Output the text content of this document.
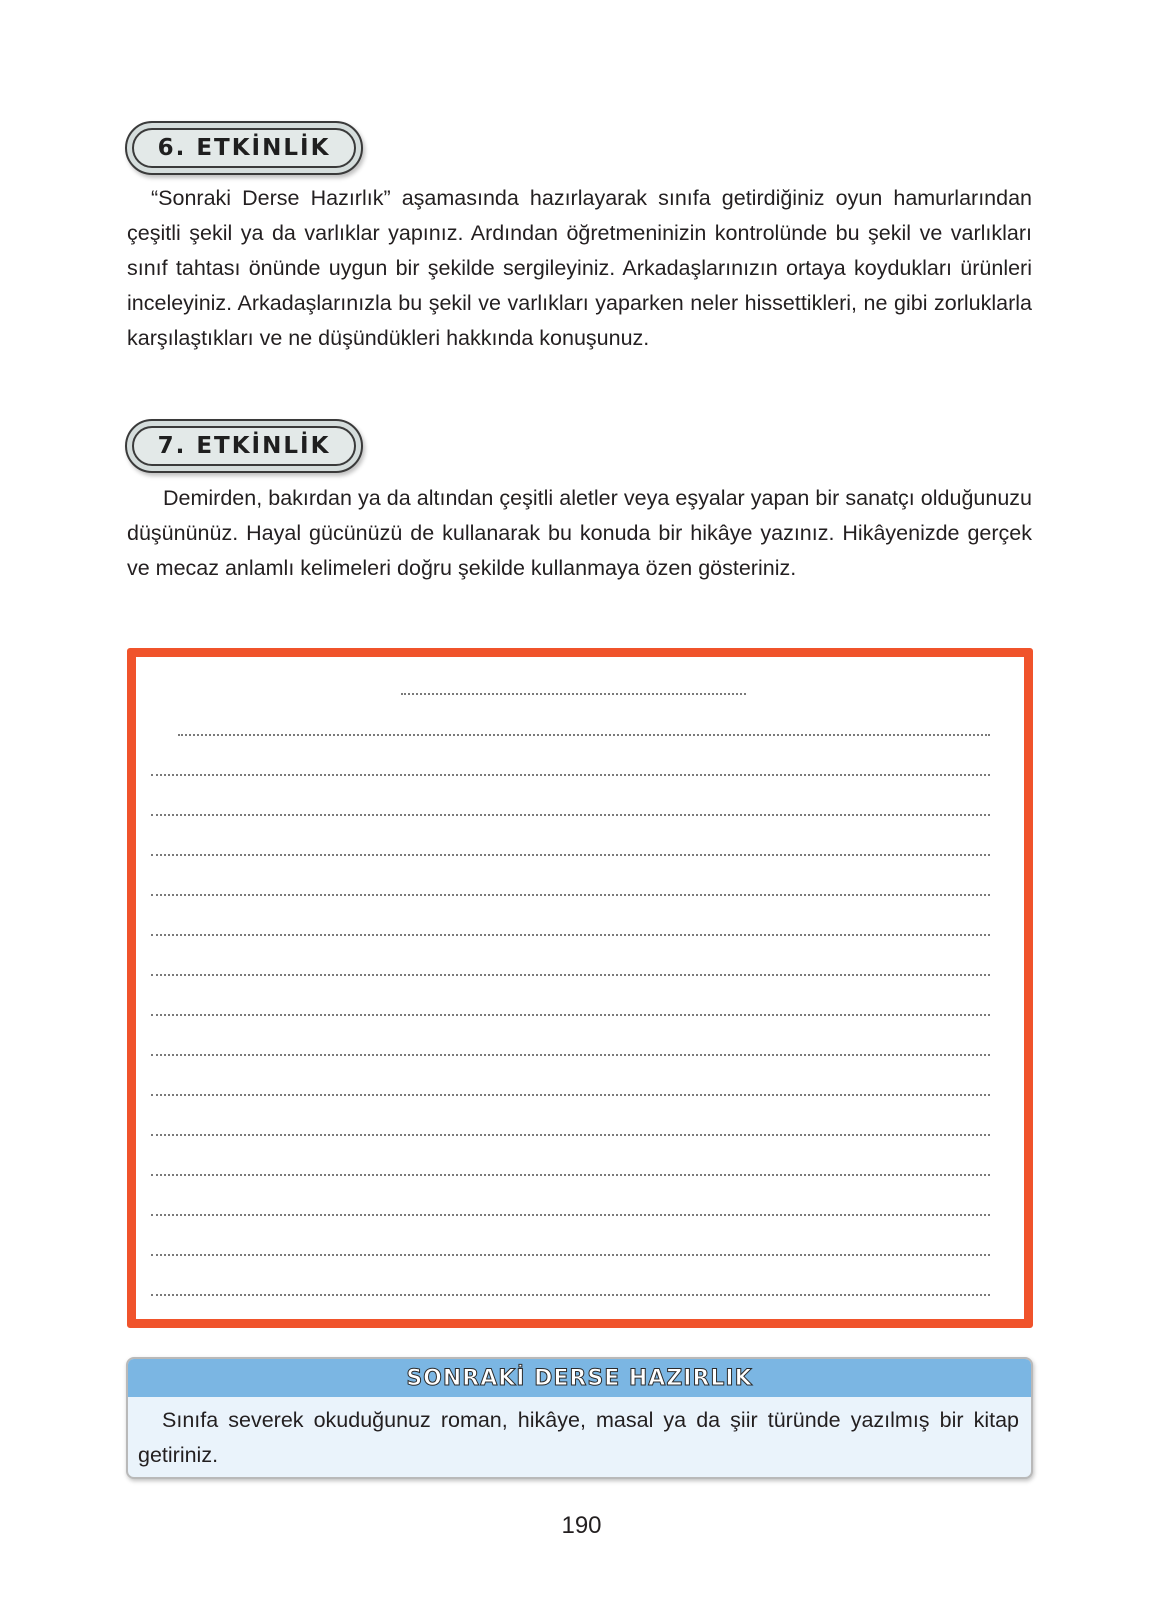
6. ETKİNLİK

“Sonraki Derse Hazırlık” aşamasında hazırlayarak sınıfa getirdiğiniz oyun hamurlarından çeşitli şekil ya da varlıklar yapınız. Ardından öğretmeninizin kontrolünde bu şekil ve varlıkları sınıf tahtası önünde uygun bir şekilde sergileyiniz. Arkadaşlarınızın ortaya koydukları ürünleri inceleyiniz. Arkadaşlarınızla bu şekil ve varlıkları yaparken neler hissettikleri, ne gibi zorluklarla karşılaştıkları ve ne düşündükleri hakkında konuşunuz.

7. ETKİNLİK

Demirden, bakırdan ya da altından çeşitli aletler veya eşyalar yapan bir sanatçı olduğunuzu düşününüz. Hayal gücünüzü de kullanarak bu konuda bir hikâye yazınız. Hikâyenizde gerçek ve mecaz anlamlı kelimeleri doğru şekilde kullanmaya özen gösteriniz.

SONRAKİ DERSE HAZIRLIK

Sınıfa severek okuduğunuz roman, hikâye, masal ya da şiir türünde yazılmış bir kitap getiriniz.

190
